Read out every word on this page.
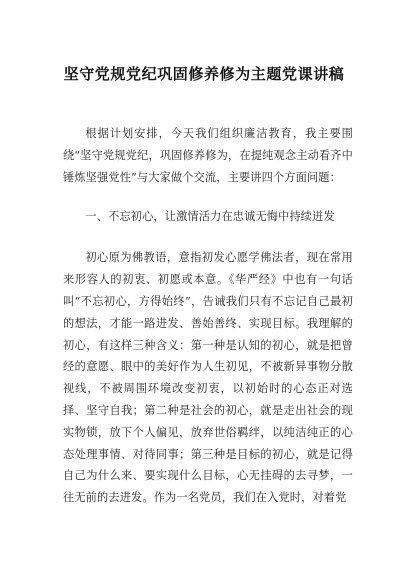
坚守党规党纪巩固修养修为主题党课讲稿

根据计划安排，今天我们组织廉洁教育，我主要围绕“坚守党规党纪，巩固修养修为，在提纯观念主动看齐中锤炼坚强党性”与大家做个交流，主要讲四个方面问题：

一、不忘初心，让激情活力在忠诚无悔中持续迸发

初心原为佛教语，意指初发心愿学佛法者，现在常用来形容人的初衷、初愿或本意。《华严经》中也有一句话叫“不忘初心，方得始终”，告诫我们只有不忘记自己最初的想法，才能一路进发、善始善终、实现目标。我理解的初心，有这样三种含义：第一种是认知的初心，就是把曾经的意愿、眼中的美好作为人生初见，不被新异事物分散视线，不被周围环境改变初衷，以初始时的心态正对选择、坚守自我；第二种是社会的初心，就是走出社会的现实物锁，放下个人偏见，放弃世俗羁绊，以纯洁纯正的心态处理事情、对待同事；第三种是目标的初心，就是记得自己为什么来、要实现什么目标，心无挂碍的去寻梦，一往无前的去进发。作为一名党员，我们在入党时，对着党
